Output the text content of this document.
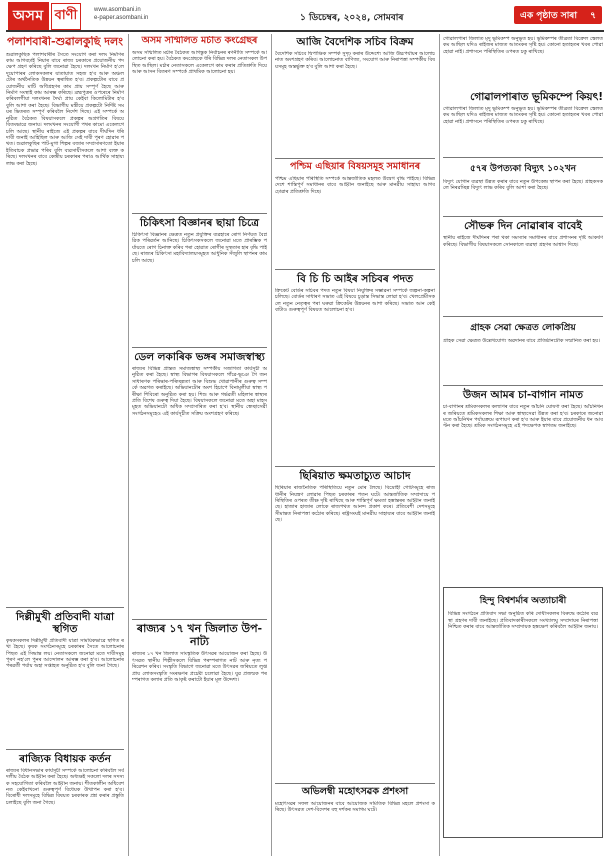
অসম বাণী	www.asombani.in
e-paper.asombani.in	১ ডিচেম্বৰ, ২০২৪, সোমবাৰ	এক পৃষ্ঠাত সাৰা ৭
পলাশবাৰী-শুৱালকুছি দলং
শুৱালকুছিক পলাশবাৰীৰ সৈতে সংযোগ কৰা দলং নিৰ্মাণৰ কাম আগবঢ়াই নিয়াৰ বাবে ৰাজ্য চৰকাৰে প্ৰয়োজনীয় পদক্ষেপ গ্ৰহণ কৰিছে বুলি জনোৱা হৈছে। দলংখন নিৰ্মাণ হ'লে দুয়োপাৰৰ লোকসকলৰ যাতায়াত সহজ হ'ব আৰু অঞ্চলটোৰ অৰ্থনৈতিক উন্নয়ন ত্বৰান্বিত হ'ব। প্ৰকল্পটোৰ বাবে প্ৰয়োজনীয় মাটি অধিগ্ৰহণৰ কাম প্ৰায় সম্পূৰ্ণ হৈছে আৰু নিৰ্মাণ সংস্থাই কাম আৰম্ভ কৰিছে। ব্ৰহ্মপুত্ৰৰ ওপৰেৰে নিৰ্মাণ কৰিবলগীয়া দলংখনৰ দৈৰ্ঘ্য প্ৰায় কেইবা কিলোমিটাৰ হ'ব বুলি আশা কৰা হৈছে। বিভাগীয় মন্ত্ৰীয়ে প্ৰকল্পটো নিৰ্দিষ্ট সময়ৰ ভিতৰত সম্পূৰ্ণ কৰিবলৈ নিৰ্দেশ দিছে। এই সম্পৰ্কে অনুষ্ঠিত বৈঠকত বিষয়াসকলে প্ৰকল্পৰ অগ্ৰগতিৰ বিষয়ে বিতংভাৱে জনায়। দলংখনৰ সংযোগী পথৰ কামো একেলগে চলি আছে। স্থানীয় ৰাইজে এই প্ৰকল্পৰ বাবে দীৰ্ঘদিন ধৰি দাবী জনাই আহিছিল আৰু আজি সেই দাবী পূৰণ হোৱাৰ পথত। শুৱালকুছিৰ পাট-মুগা শিল্পৰ বজাৰ সম্প্ৰসাৰণতো ইয়াৰ ইতিবাচক প্ৰভাৱ পৰিব বুলি ব্যৱসায়ীসকলে আশা ব্যক্ত কৰিছে। দলংখনৰ বাবে কেন্দ্ৰীয় চৰকাৰৰ পৰাও আৰ্থিক সাহায্য লাভ কৰা হৈছে।
দিল্লীমুখী প্ৰতিবাদী যাত্ৰা স্থগিত
কৃষকসকলৰ দিল্লীমুখী প্ৰতিবাদী যাত্ৰা সাময়িকভাৱে স্থগিত ৰখা হৈছে। কৃষক সংগঠনসমূহে চৰকাৰৰ সৈতে আলোচনাৰ পিছত এই সিদ্ধান্ত লয়। নেতাসকলে জনোৱা মতে দাবীসমূহ পূৰণ নহ'লে পুনৰ আন্দোলন আৰম্ভ কৰা হ'ব। আলোচনাৰ পৰৱৰ্তী পৰ্যায় অহা সপ্তাহত অনুষ্ঠিত হ'ব বুলি জনা গৈছে।
ৰাজ্যিক বিধায়ক কৰ্তন
ৰাজ্যৰ বিধানসভাৰ কাৰ্যসূচী সম্পৰ্কে আলোচনা কৰিবলৈ সৰ্বদলীয় বৈঠক আহ্বান কৰা হৈছে। অধ্যক্ষই সকলো দলৰ সদস্যক সহযোগিতা কৰিবলৈ আহ্বান জনায়। শীতকালীন অধিবেশনত কেইবাখনো গুৰুত্বপূৰ্ণ বিধেয়ক উত্থাপন কৰা হ'ব। বিৰোধী দলসমূহে বিভিন্ন বিষয়ত চৰকাৰক প্ৰশ্ন কৰাৰ প্ৰস্তুতি চলাইছে বুলি জনা গৈছে।
অসম সম্মিলিত মৰ্চাত কংগ্ৰেছৰ
অসম সম্মিলিত মৰ্চাৰ বৈঠকত আগন্তুক নিৰ্বাচনৰ ৰণনীতি সম্পৰ্কে আলোচনা কৰা হয়। বৈঠকত কংগ্ৰেছকে ধৰি বিভিন্ন দলৰ নেতাসকল উপস্থিত আছিল। মৰ্চাৰ নেতাসকলে একেলগে কাম কৰাৰ প্ৰতিশ্ৰুতি দিয়ে আৰু আসন বিতৰণ সম্পৰ্কে প্ৰাথমিক আলোচনা হয়।
চিকিৎসা বিজ্ঞানৰ ছায়া চিত্ৰে
চিকিৎসা বিজ্ঞানৰ ক্ষেত্ৰত নতুন প্ৰযুক্তিৰ ব্যৱহাৰে ৰোগ নিৰ্ণয়ত বৈপ্লৱিক পৰিৱৰ্তন আনিছে। চিকিৎসকসকলে জনোৱা মতে প্ৰাৰম্ভিক পৰ্যায়তে ৰোগ চিনাক্ত কৰিব পৰা হোৱাত ৰোগীৰ সুস্থতাৰ হাৰ বৃদ্ধি পাইছে। ৰাজ্যৰ চিকিৎসা মহাবিদ্যালয়সমূহত আধুনিক সঁজুলি স্থাপনৰ কাম চলি আছে।
ডেল লকাৰিক ভঙ্গৰ সমাজস্বাস্থ্য
ৰাজ্যৰ বিভিন্ন প্ৰান্তত সমাজস্বাস্থ্য সম্পৰ্কীয় সজাগতা কাৰ্যসূচী অনুষ্ঠিত কৰা হৈছে। স্বাস্থ্য বিভাগৰ বিষয়াসকলে গাঁৱে-ভূঞে গৈ জনসাধাৰণক পৰিষ্কাৰ-পৰিচ্ছন্নতা আৰু বিশুদ্ধ খোৱাপানীৰ গুৰুত্ব সম্পৰ্কে অৱগত কৰাইছে। অভিযানটোৰ অংশ হিচাপে বিনামূলীয়া স্বাস্থ্য পৰীক্ষা শিবিৰো অনুষ্ঠিত কৰা হয়। শিশু আৰু গৰ্ভৱতী মহিলাৰ স্বাস্থ্যৰ প্ৰতি বিশেষ গুৰুত্ব দিয়া হৈছে। বিষয়াসকলে জনোৱা মতে অহা মাহসমূহত অভিযানটো অধিক সম্প্ৰসাৰিত কৰা হ'ব। স্থানীয় স্বেচ্ছাসেৱী সংগঠনসমূহেও এই কাৰ্যসূচীত সক্ৰিয় অংশগ্ৰহণ কৰিছে।
ৰাজ্যৰ ১৭ খন জিলাত উপ-নাট্য
ৰাজ্যৰ ১৭ খন জিলাত সাংস্কৃতিক উৎসৱৰ আয়োজন কৰা হৈছে। উৎসৱত স্থানীয় শিল্পীসকলে বিভিন্ন পৰম্পৰাগত নাট আৰু নৃত্য পৰিৱেশন কৰিব। সংস্কৃতি বিভাগে জনোৱা মতে উৎসৱৰ জৰিয়তে লুপ্তপ্ৰায় লোকসংস্কৃতি সংৰক্ষণৰ প্ৰচেষ্টা চলোৱা হৈছে। যুৱ প্ৰজন্মক পৰম্পৰাগত কলাৰ প্ৰতি আকৃষ্ট কৰাটো ইয়াৰ মূল উদ্দেশ্য।
আজি বৈদেশিক সচিব বিক্ৰম
বৈদেশিক সচিবে দ্বিপাক্ষিক সম্পৰ্ক সুদৃঢ় কৰাৰ উদ্দেশ্যে আজি উচ্চপৰ্যায়ৰ আলোচনাত অংশগ্ৰহণ কৰিব। আলোচনাত বাণিজ্য, সংযোগ আৰু নিৰাপত্তা সম্পৰ্কীয় বিষয়সমূহ অন্তৰ্ভুক্ত হ'ব বুলি আশা কৰা হৈছে।
পশ্চিম এছিয়াৰ বিষয়সমূহ সমাধানৰ
পশ্চিম এছিয়াৰ পৰিস্থিতি সম্পৰ্কে আন্তৰ্জাতিক মহলত উদ্বেগ বৃদ্ধি পাইছে। বিভিন্ন দেশে শান্তিপূৰ্ণ সমাধানৰ বাবে আহ্বান জনাইছে আৰু মানৱীয় সাহায্য আগবঢ়োৱাৰ প্ৰতিশ্ৰুতি দিছে।
বি চি চি আইৰ সচিবৰ পদত
ক্ৰিকেট বোৰ্ডৰ সচিবৰ পদত নতুন বিষয়া নিযুক্তিৰ সম্ভাৱনা সম্পৰ্কে জল্পনা-কল্পনা চলিছে। বোৰ্ডৰ সাধাৰণ সভাত এই বিষয়ে চূড়ান্ত সিদ্ধান্ত লোৱা হ'ব। খেলপ্ৰেমীসকলে নতুন নেতৃত্বৰ পৰা ঘৰুৱা ক্ৰিকেটৰ উন্নয়নৰ আশা কৰিছে। সভাত আন কেইবাটাও গুৰুত্বপূৰ্ণ বিষয়ত আলোচনা হ'ব।
ছিৰিয়াত ক্ষমতাচ্যুত আচাদ
ছিৰিয়াৰ ৰাজনৈতিক পৰিস্থিতিয়ে নতুন মোৰ লৈছে। বিদ্ৰোহী গোটসমূহে ৰাজধানীৰ নিয়ন্ত্ৰণ লোৱাৰ পিছত চৰকাৰৰ পতন ঘটে। আন্তৰ্জাতিক সম্প্ৰদায়ে পৰিস্থিতিৰ ওপৰত তীক্ষ্ণ দৃষ্টি ৰাখিছে আৰু শান্তিপূৰ্ণ ক্ষমতা হস্তান্তৰৰ আহ্বান জনাইছে। হাজাৰ হাজাৰ লোকে ৰাজপথত আনন্দ প্ৰকাশ কৰে। প্ৰতিবেশী দেশসমূহে সীমান্তত নিৰাপত্তা কঠোৰ কৰিছে। ৰাষ্ট্ৰসংঘই মানৱীয় সাহায্যৰ বাবে আহ্বান জনাইছে।
অভিলম্বী মহোৎসৱক প্ৰশংসা
মহোৎসৱৰ সফল আয়োজনৰ বাবে আয়োজক সমিতিক বিভিন্ন মহলে প্ৰশংসা কৰিছে। উৎসৱত দেশ-বিদেশৰ বহু দৰ্শকৰ সমাগম ঘটে।
গোৱালপাৰা জিলাত মৃদু ভূমিকম্প অনুভূত হয়। ভূমিকম্পৰ তীব্ৰতা বিক্ৰেল স্কেলত কম আছিল যদিও ৰাইজৰ মাজত আতংকৰ সৃষ্টি হয়। কোনো হতাহতৰ খবৰ পোৱা হোৱা নাই। প্ৰশাসনে পৰিস্থিতিৰ ওপৰত চকু ৰাখিছে।
গোৱালপাৰাত ভূমিকম্পে কিয়ৎ!
গোৱালপাৰা জিলাত মৃদু ভূমিকম্প অনুভূত হয়। ভূমিকম্পৰ তীব্ৰতা বিক্ৰেল স্কেলত কম আছিল যদিও ৰাইজৰ মাজত আতংকৰ সৃষ্টি হয়। কোনো হতাহতৰ খবৰ পোৱা হোৱা নাই। প্ৰশাসনে পৰিস্থিতিৰ ওপৰত চকু ৰাখিছে।
৫৭ৰ উপত্যকা বিদ্যুৎ ১০২খন
বিদ্যুৎ যোগান ব্যৱস্থা উন্নত কৰাৰ বাবে নতুন উপকেন্দ্ৰ স্থাপন কৰা হৈছে। গ্ৰাহকসকলে নিৰৱচ্ছিন্ন বিদ্যুৎ লাভ কৰিব বুলি আশা কৰা হৈছে।
সৌভৰু দিন নোৱাৰাৰ বাবেই
স্থানীয় ৰাইজে দীৰ্ঘদিনৰ পৰা থকা সমস্যাৰ সমাধানৰ বাবে প্ৰশাসনৰ দৃষ্টি আকৰ্ষণ কৰিছে। বিভাগীয় বিষয়াসকলে সোনকালে ব্যৱস্থা গ্ৰহণৰ আশ্বাস দিছে।
গ্ৰাহক সেৱা ক্ষেত্ৰত লোকপ্ৰিয়
গ্ৰাহক সেৱা ক্ষেত্ৰত উল্লেখযোগ্য অৱদানৰ বাবে প্ৰতিষ্ঠানটোক সন্মানিত কৰা হয়।
উজন আমৰ চা-বাগান নামত
চা-বাগানৰ শ্ৰমিকসকলৰ কল্যাণৰ বাবে নতুন আঁচনি ঘোষণা কৰা হৈছে। আঁচনিখনৰ জৰিয়তে শ্ৰমিকসকলৰ শিক্ষা আৰু স্বাস্থ্যসেৱা উন্নত কৰা হ'ব। চৰকাৰে জনোৱা মতে আঁচনিখন পৰ্যায়ক্ৰমে ৰূপায়ণ কৰা হ'ব আৰু ইয়াৰ বাবে প্ৰয়োজনীয় ধন আবণ্টন কৰা হৈছে। শ্ৰমিক সংগঠনসমূহে এই পদক্ষেপক স্বাগতম জনাইছে।
হিন্দু বিশ্বশৰ্মাৰ অত্যাচাৰী
বিভিন্ন সংগঠনে প্ৰতিবাদ সভা অনুষ্ঠিত কৰি দোষীসকলৰ বিৰুদ্ধে কঠোৰ ব্যৱস্থা গ্ৰহণৰ দাবী জনাইছে। প্ৰতিবাদকাৰীসকলে সংখ্যালঘু সম্প্ৰদায়ৰ নিৰাপত্তা নিশ্চিত কৰাৰ বাবে আন্তৰ্জাতিক সম্প্ৰদায়ক হস্তক্ষেপ কৰিবলৈ আহ্বান জনায়।
